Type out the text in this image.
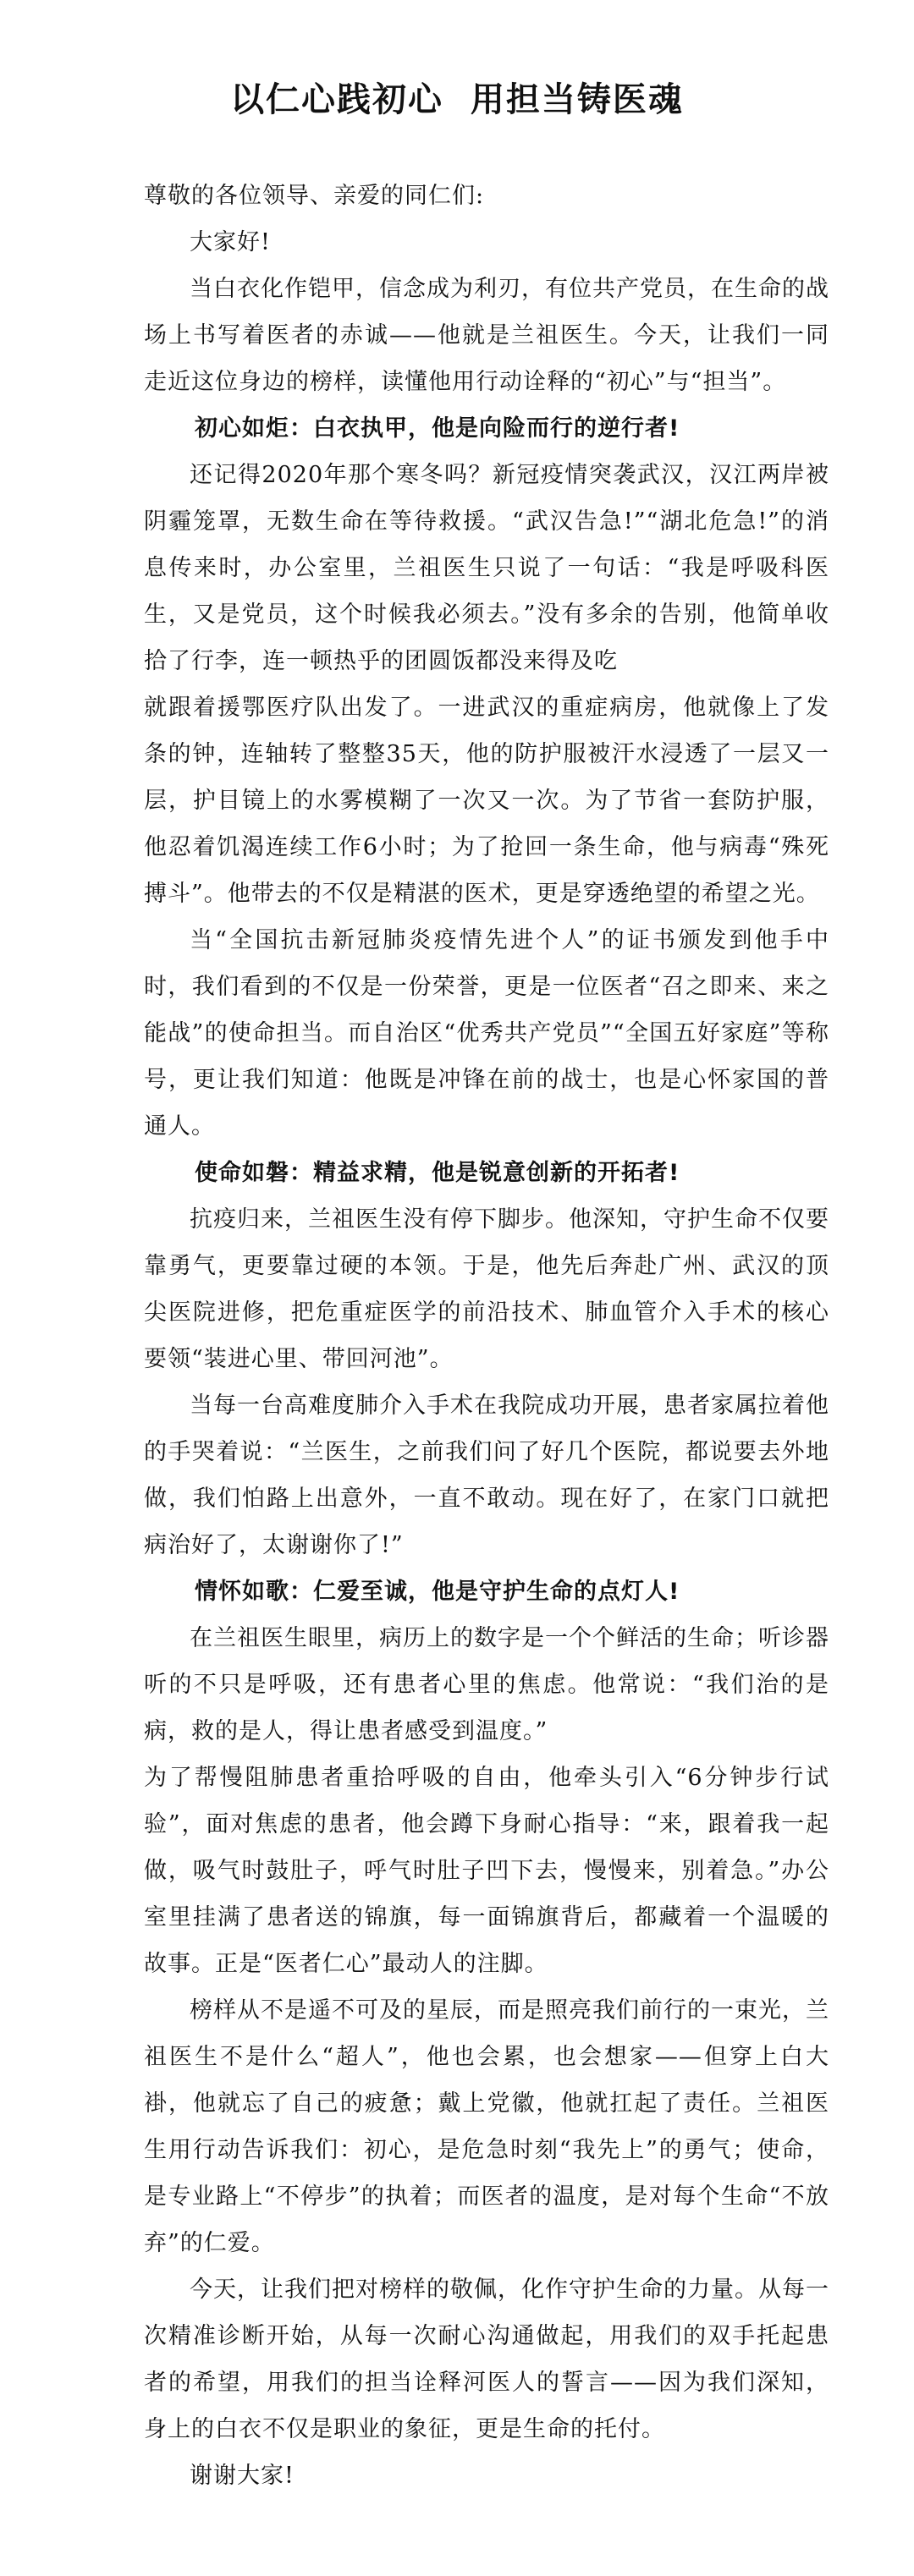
以仁心践初心  用担当铸医魂

尊敬的各位领导、亲爱的同仁们:

大家好!

当白衣化作铠甲，信念成为利刃，有位共产党员，在生命的战场上书写着医者的赤诚——他就是兰祖医生。今天，让我们一同走近这位身边的榜样，读懂他用行动诠释的“初心”与“担当”。

初心如炬：白衣执甲，他是向险而行的逆行者!

还记得2020年那个寒冬吗？新冠疫情突袭武汉，汉江两岸被阴霾笼罩，无数生命在等待救援。“武汉告急!”“湖北危急!”的消息传来时，办公室里，兰祖医生只说了一句话：“我是呼吸科医生，又是党员，这个时候我必须去。”没有多余的告别，他简单收拾了行李，连一顿热乎的团圆饭都没来得及吃

就跟着援鄂医疗队出发了。一进武汉的重症病房，他就像上了发条的钟，连轴转了整整35天，他的防护服被汗水浸透了一层又一层，护目镜上的水雾模糊了一次又一次。为了节省一套防护服，他忍着饥渴连续工作6小时；为了抢回一条生命，他与病毒“殊死搏斗”。他带去的不仅是精湛的医术，更是穿透绝望的希望之光。

当“全国抗击新冠肺炎疫情先进个人”的证书颁发到他手中时，我们看到的不仅是一份荣誉，更是一位医者“召之即来、来之能战”的使命担当。而自治区“优秀共产党员”“全国五好家庭”等称号，更让我们知道：他既是冲锋在前的战士，也是心怀家国的普通人。

使命如磐：精益求精，他是锐意创新的开拓者!

抗疫归来，兰祖医生没有停下脚步。他深知，守护生命不仅要靠勇气，更要靠过硬的本领。于是，他先后奔赴广州、武汉的顶尖医院进修，把危重症医学的前沿技术、肺血管介入手术的核心要领“装进心里、带回河池”。

当每一台高难度肺介入手术在我院成功开展，患者家属拉着他的手哭着说：“兰医生，之前我们问了好几个医院，都说要去外地做，我们怕路上出意外，一直不敢动。现在好了，在家门口就把病治好了，太谢谢你了!”

情怀如歌：仁爱至诚，他是守护生命的点灯人!

在兰祖医生眼里，病历上的数字是一个个鲜活的生命；听诊器听的不只是呼吸，还有患者心里的焦虑。他常说：“我们治的是病，救的是人，得让患者感受到温度。”

为了帮慢阻肺患者重拾呼吸的自由，他牵头引入“6分钟步行试验”，面对焦虑的患者，他会蹲下身耐心指导：“来，跟着我一起做，吸气时鼓肚子，呼气时肚子凹下去，慢慢来，别着急。”办公室里挂满了患者送的锦旗，每一面锦旗背后，都藏着一个温暖的故事。正是“医者仁心”最动人的注脚。

榜样从不是遥不可及的星辰，而是照亮我们前行的一束光，兰祖医生不是什么“超人”，他也会累，也会想家——但穿上白大褂，他就忘了自己的疲惫；戴上党徽，他就扛起了责任。兰祖医生用行动告诉我们：初心，是危急时刻“我先上”的勇气；使命，是专业路上“不停步”的执着；而医者的温度，是对每个生命“不放弃”的仁爱。

今天，让我们把对榜样的敬佩，化作守护生命的力量。从每一次精准诊断开始，从每一次耐心沟通做起，用我们的双手托起患者的希望，用我们的担当诠释河医人的誓言——因为我们深知，身上的白衣不仅是职业的象征，更是生命的托付。

谢谢大家!
